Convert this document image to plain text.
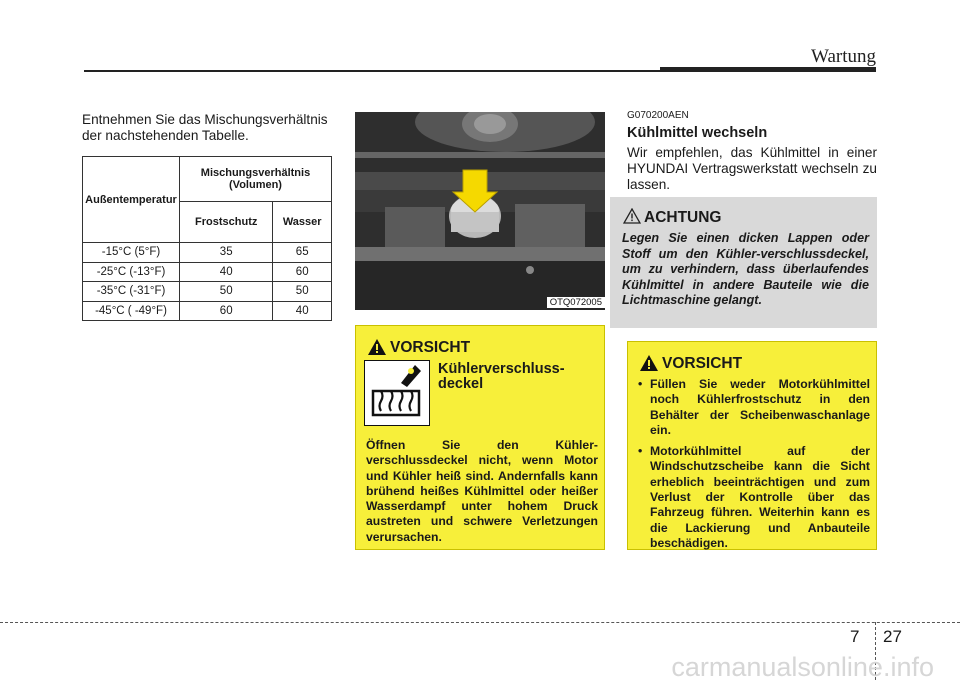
Wartung
Entnehmen Sie das Mischungsverhältnis der nachstehenden Tabelle.
Außentemperatur	Mischungsverhältnis (Volumen)	
	Frostschutz	Wasser
-15°C (5°F)	35	65
-25°C (-13°F)	40	60
-35°C (-31°F)	50	50
-45°C ( -49°F)	60	40
OTQ072005
VORSICHT
Kühlerverschluss-deckel
Öffnen Sie den Kühler-verschlussdeckel nicht, wenn Motor und Kühler heiß sind. Andernfalls kann brühend heißes Kühlmittel oder heißer Wasserdampf unter hohem Druck austreten und schwere Verletzungen verursachen.
G070200AEN
Kühlmittel wechseln
Wir empfehlen, das Kühlmittel in einer HYUNDAI Vertragswerkstatt wechseln zu lassen.
ACHTUNG
Legen Sie einen dicken Lappen oder Stoff um den Kühler-verschlussdeckel, um zu verhindern, dass überlaufendes Kühlmittel in andere Bauteile wie die Lichtmaschine gelangt.
VORSICHT
• Füllen Sie weder Motorkühlmittel noch Kühlerfrostschutz in den Behälter der Scheibenwaschanlage ein.
• Motorkühlmittel auf der Windschutzscheibe kann die Sicht erheblich beeinträchtigen und zum Verlust der Kontrolle über das Fahrzeug führen. Weiterhin kann es die Lackierung und Anbauteile beschädigen.
7 27
carmanualsonline.info
